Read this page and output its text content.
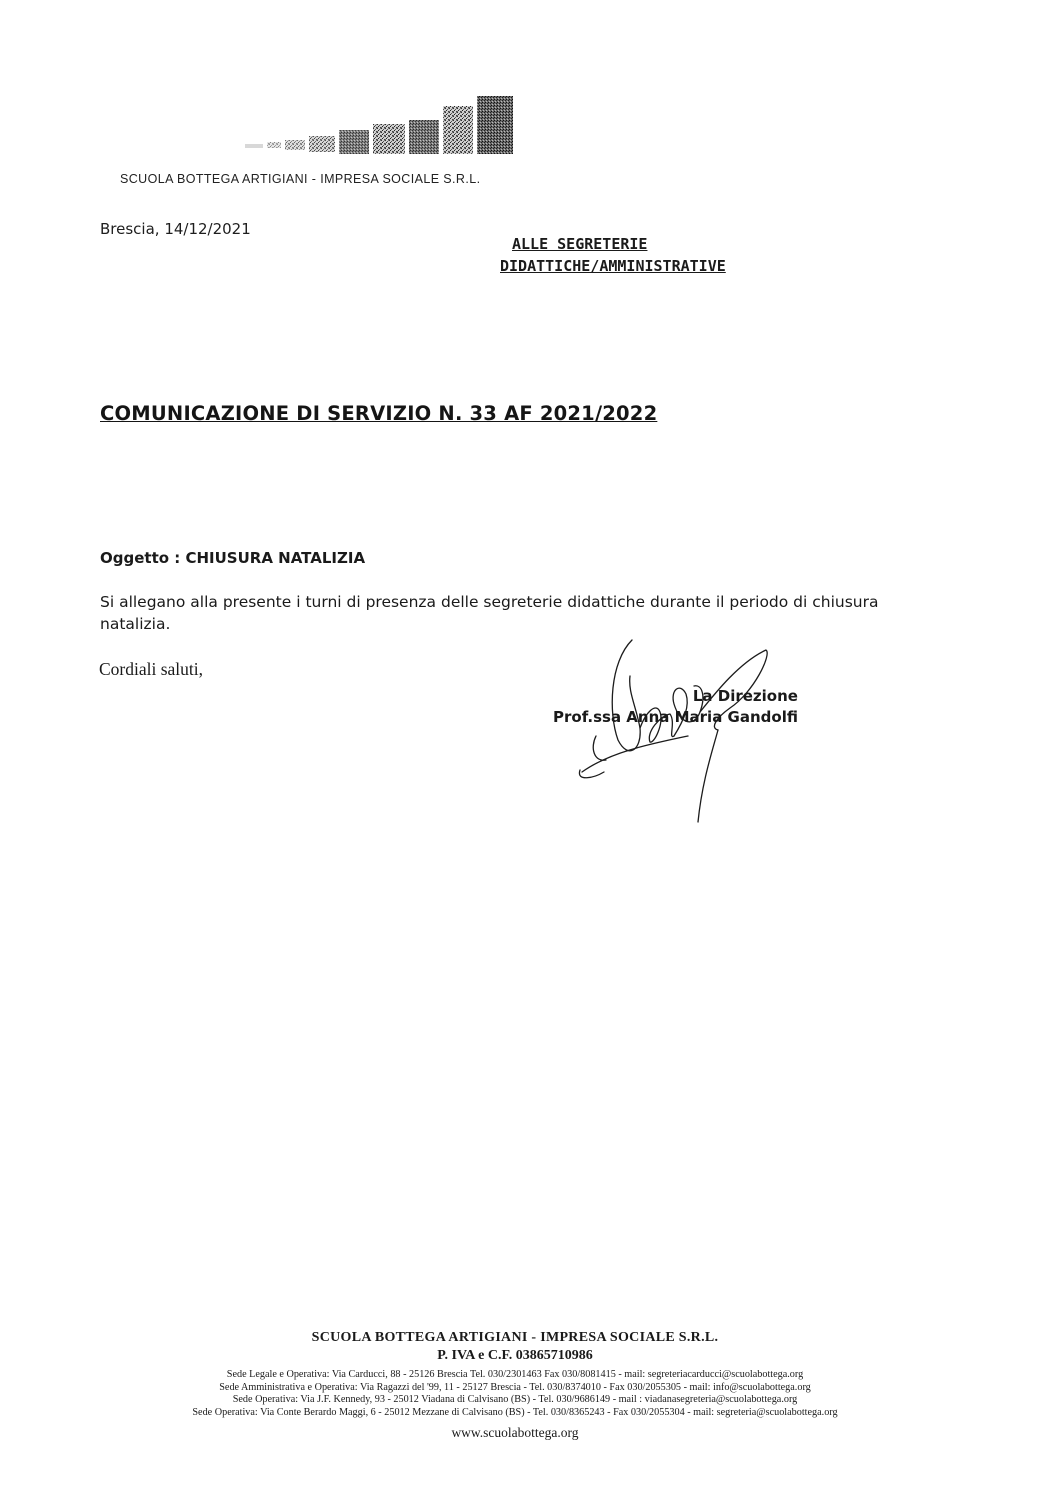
SCUOLA BOTTEGA ARTIGIANI - IMPRESA SOCIALE S.R.L.
Brescia, 14/12/2021
ALLE SEGRETERIE
DIDATTICHE/AMMINISTRATIVE
COMUNICAZIONE DI SERVIZIO N. 33 AF 2021/2022
Oggetto : CHIUSURA NATALIZIA
Si allegano alla presente i turni di presenza delle segreterie didattiche durante il periodo di chiusura natalizia.
Cordiali saluti,
La Direzione
Prof.ssa Anna Maria Gandolfi
SCUOLA BOTTEGA ARTIGIANI - IMPRESA SOCIALE S.R.L.
P. IVA e C.F. 03865710986
Sede Legale e Operativa: Via Carducci, 88 - 25126 Brescia Tel. 030/2301463 Fax 030/8081415 - mail: segreteriacarducci@scuolabottega.org
Sede Amministrativa e Operativa: Via Ragazzi del '99, 11 - 25127 Brescia - Tel. 030/8374010 - Fax 030/2055305 - mail: info@scuolabottega.org
Sede Operativa: Via J.F. Kennedy, 93 - 25012 Viadana di Calvisano (BS) - Tel. 030/9686149 - mail : viadanasegreteria@scuolabottega.org
Sede Operativa: Via Conte Berardo Maggi, 6 - 25012 Mezzane di Calvisano (BS) - Tel. 030/8365243 - Fax 030/2055304 - mail: segreteria@scuolabottega.org
www.scuolabottega.org
